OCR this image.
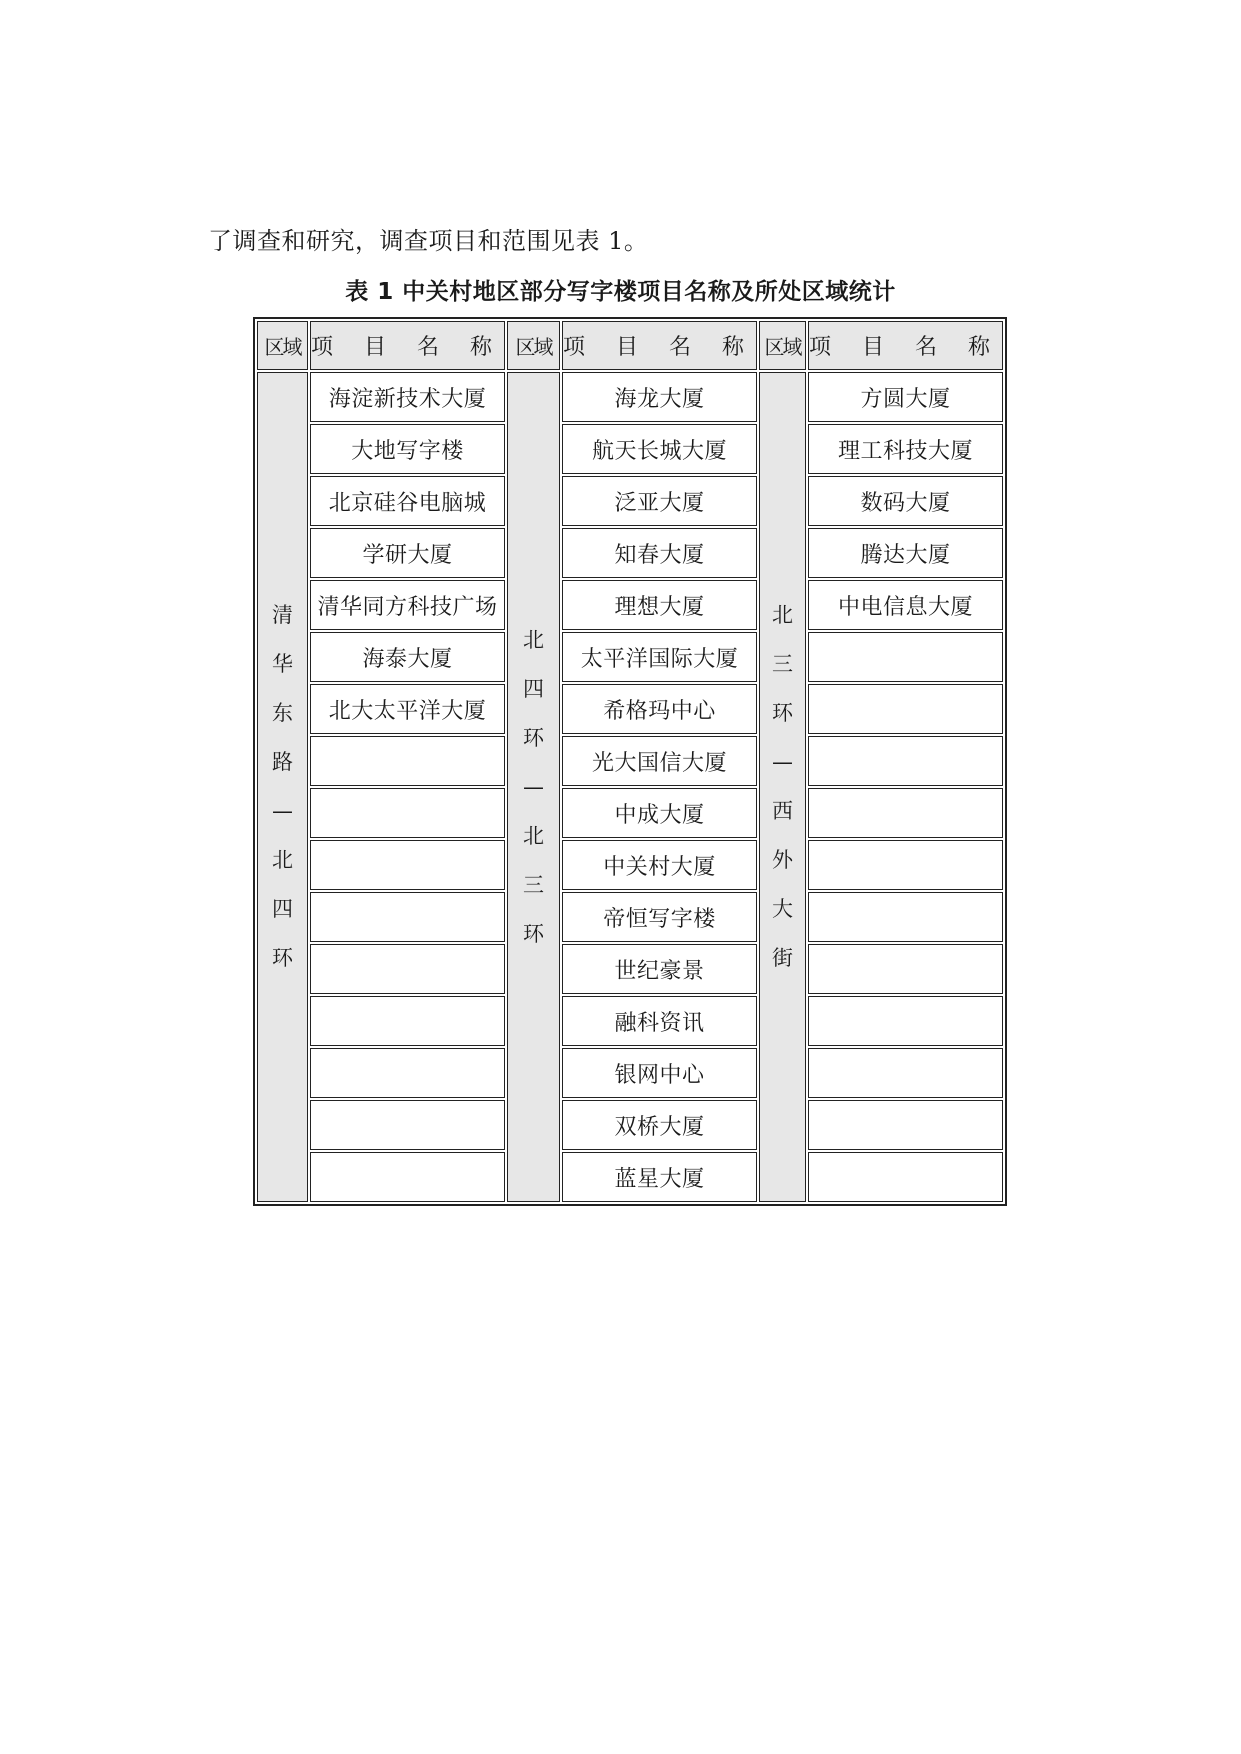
了调查和研究，调查项目和范围见表 1。
表 1 中关村地区部分写字楼项目名称及所处区域统计
区域	项 目 名 称	区域	项 目 名 称	区域	项 目 名 称
清华东路—北四环	海淀新技术大厦	北四环—北三环	海龙大厦	北三环—西外大街	方圆大厦
	大地写字楼		航天长城大厦		理工科技大厦
	北京硅谷电脑城		泛亚大厦		数码大厦
	学研大厦		知春大厦		腾达大厦
	清华同方科技广场		理想大厦		中电信息大厦
	海泰大厦		太平洋国际大厦		
	北大太平洋大厦		希格玛中心		
			光大国信大厦		
			中成大厦		
			中关村大厦		
			帝恒写字楼		
			世纪豪景		
			融科资讯		
			银网中心		
			双桥大厦		
			蓝星大厦		
